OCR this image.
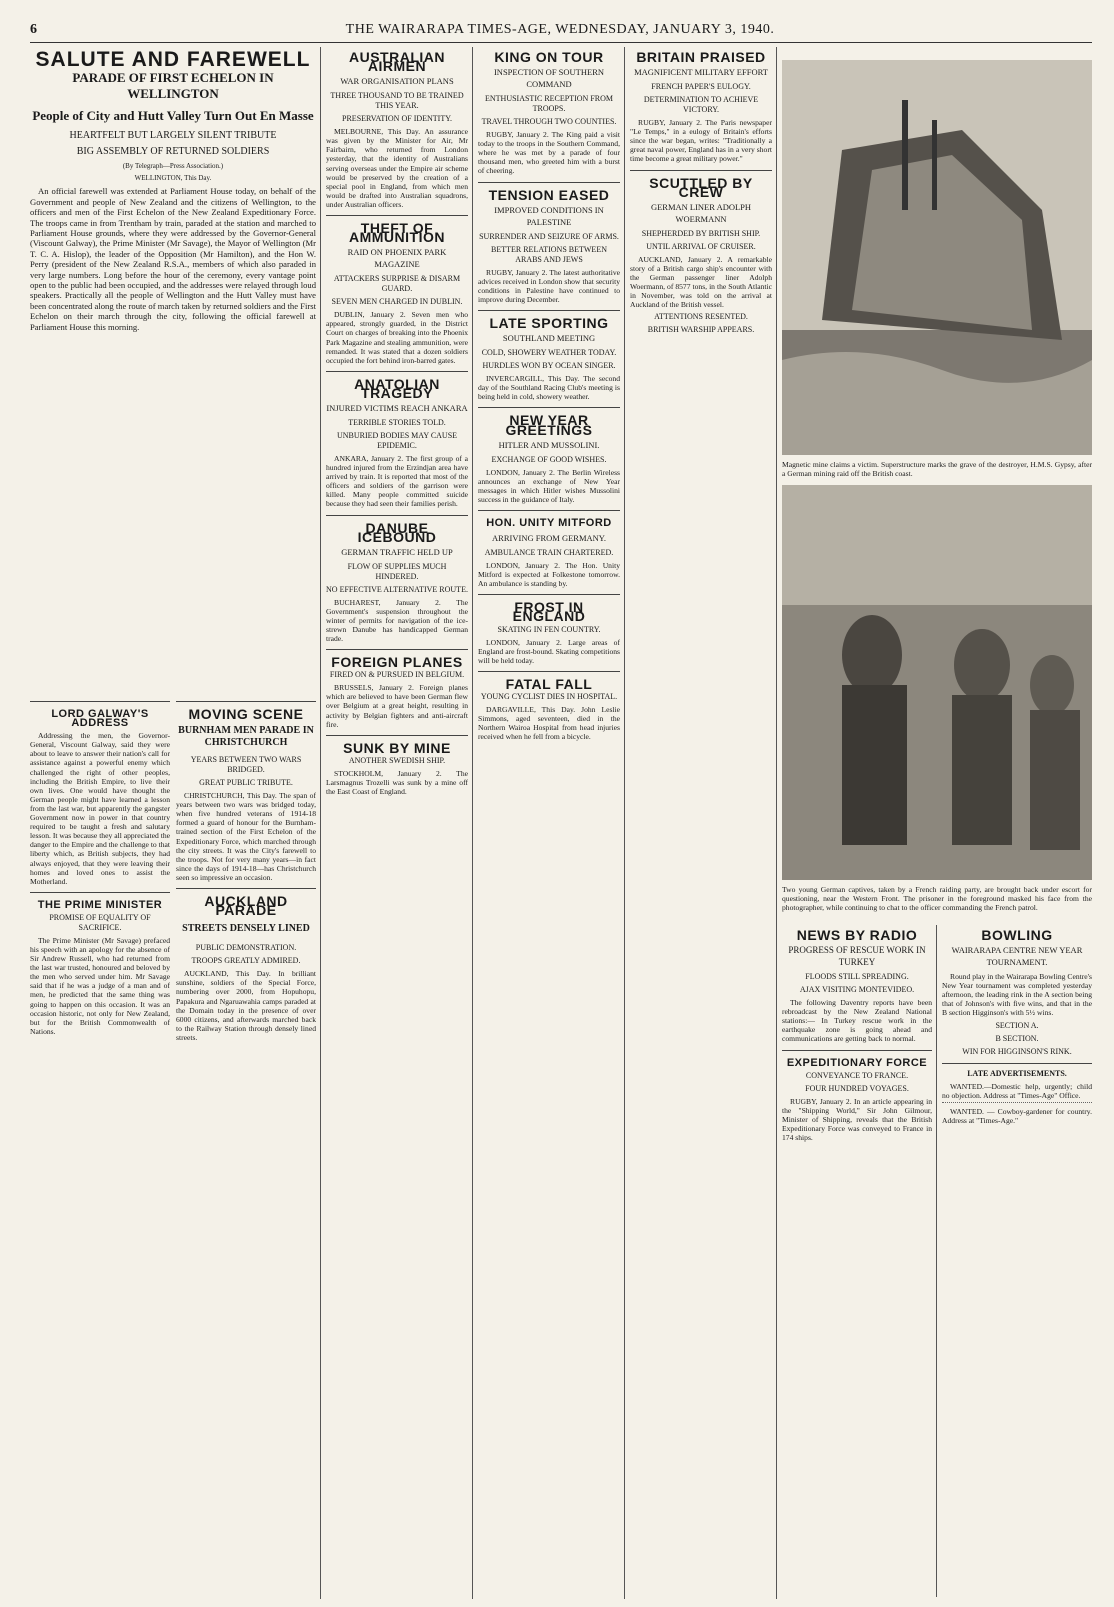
6	THE WAIRARAPA TIMES-AGE, WEDNESDAY, JANUARY 3, 1940.
SALUTE AND FAREWELL
PARADE OF FIRST ECHELON IN WELLINGTON
People of City and Hutt Valley Turn Out En Masse
HEARTFELT BUT LARGELY SILENT TRIBUTE
BIG ASSEMBLY OF RETURNED SOLDIERS
(By Telegraph—Press Association.)
WELLINGTON, This Day.

An official farewell was extended at Parliament House today, on behalf of the Government and people of New Zealand and the citizens of Wellington, to the officers and men of the First Echelon of the New Zealand Expeditionary Force. The troops came in from Trentham by train, paraded at the station and marched to Parliament House grounds, where they were addressed by the Governor-General (Viscount Galway), the Prime Minister (Mr Savage), the Mayor of Wellington (Mr T. C. A. Hislop), the leader of the Opposition (Mr Hamilton), and the Hon W. Perry (president of the New Zealand R.S.A., members of which also paraded in very large numbers. Long before the hour of the ceremony, every vantage point open to the public had been occupied, and the addresses were relayed through loud speakers. Practically all the people of Wellington and the Hutt Valley must have been concentrated along the route of march taken by returned soldiers and the First Echelon on their march through the city, following the official farewell at Parliament House this morning.

LORD GALWAY'S ADDRESS

Addressing the men, the Governor-General, Viscount Galway, said they were about to leave to answer their nation's call for assistance against a powerful enemy which challenged the right of other peoples, including the British Empire, to live their own lives. One would have thought the German people might have learned a lesson from the last war, but apparently the gangster Government now in power in that country required to be taught a fresh and salutary lesson. It was because they all appreciated the danger to the Empire and the challenge to that liberty which, as British subjects, they had always enjoyed, that they were leaving their homes and loved ones to assist the Motherland.

THE PRIME MINISTER
PROMISE OF EQUALITY OF SACRIFICE.

The Prime Minister (Mr Savage) prefaced his speech with an apology for the absence of Sir Andrew Russell, who had returned from the last war trusted, honoured and beloved by the men who served under him. Mr Savage said that if he was a judge of a man and of men, he predicted that the same thing was going to happen on this occasion. It was an occasion historic, not only for New Zealand, but for the British Commonwealth of Nations.

MOVING SCENE
BURNHAM MEN PARADE IN CHRISTCHURCH
YEARS BETWEEN TWO WARS BRIDGED.
GREAT PUBLIC TRIBUTE.

CHRISTCHURCH, This Day. The span of years between two wars was bridged today, when five hundred veterans of 1914-18 formed a guard of honour for the Burnham-trained section of the First Echelon of the Expeditionary Force, which marched through the city streets. It was the City's farewell to the troops. Not for very many years—in fact since the days of 1914-18—has Christchurch seen so impressive an occasion.

AUCKLAND PARADE
STREETS DENSELY LINED
PUBLIC DEMONSTRATION.
TROOPS GREATLY ADMIRED.

AUCKLAND, This Day. In brilliant sunshine, soldiers of the Special Force, numbering over 2000, from Hopuhopu, Papakura and Ngaruawahia camps paraded at the Domain today in the presence of over 6000 citizens, and afterwards marched back to the Railway Station through densely lined streets.

AUSTRALIAN AIRMEN
WAR ORGANISATION PLANS
THREE THOUSAND TO BE TRAINED THIS YEAR.
PRESERVATION OF IDENTITY.

MELBOURNE, This Day. An assurance was given by the Minister for Air, Mr Fairbairn, who returned from London yesterday, that the identity of Australians serving overseas under the Empire air scheme would be preserved by the creation of a special pool in England, from which men would be drafted into Australian squadrons, under Australian officers.

THEFT OF AMMUNITION
RAID ON PHOENIX PARK MAGAZINE
ATTACKERS SURPRISE & DISARM GUARD.
SEVEN MEN CHARGED IN DUBLIN.

DUBLIN, January 2. Seven men who appeared, strongly guarded, in the District Court on charges of breaking into the Phoenix Park Magazine and stealing ammunition, were remanded. It was stated that a dozen soldiers occupied the fort behind iron-barred gates.

ANATOLIAN TRAGEDY
INJURED VICTIMS REACH ANKARA
TERRIBLE STORIES TOLD.
UNBURIED BODIES MAY CAUSE EPIDEMIC.

ANKARA, January 2. The first group of a hundred injured from the Erzindjan area have arrived by train. It is reported that most of the officers and soldiers of the garrison were killed. Many people committed suicide because they had seen their families perish.

DANUBE ICEBOUND
GERMAN TRAFFIC HELD UP
FLOW OF SUPPLIES MUCH HINDERED.
NO EFFECTIVE ALTERNATIVE ROUTE.

BUCHAREST, January 2. The Government's suspension throughout the winter of permits for navigation of the ice-strewn Danube has handicapped German trade.

FOREIGN PLANES
FIRED ON & PURSUED IN BELGIUM.

BRUSSELS, January 2. Foreign planes which are believed to have been German flew over Belgium at a great height, resulting in activity by Belgian fighters and anti-aircraft fire.

SUNK BY MINE
ANOTHER SWEDISH SHIP.

STOCKHOLM, January 2. The Larsmagnus Trozelli was sunk by a mine off the East Coast of England.

KING ON TOUR
INSPECTION OF SOUTHERN COMMAND
ENTHUSIASTIC RECEPTION FROM TROOPS.
TRAVEL THROUGH TWO COUNTIES.

RUGBY, January 2. The King paid a visit today to the troops in the Southern Command, where he was met by a parade of four thousand men, who greeted him with a burst of cheering.

TENSION EASED
IMPROVED CONDITIONS IN PALESTINE
SURRENDER AND SEIZURE OF ARMS.
BETTER RELATIONS BETWEEN ARABS AND JEWS

RUGBY, January 2. The latest authoritative advices received in London show that security conditions in Palestine have continued to improve during December.

LATE SPORTING
SOUTHLAND MEETING
COLD, SHOWERY WEATHER TODAY.
HURDLES WON BY OCEAN SINGER.

INVERCARGILL, This Day. The second day of the Southland Racing Club's meeting is being held in cold, showery weather.

NEW YEAR GREETINGS
HITLER AND MUSSOLINI.
EXCHANGE OF GOOD WISHES.

LONDON, January 2. The Berlin Wireless announces an exchange of New Year messages in which Hitler wishes Mussolini success in the guidance of Italy.

HON. UNITY MITFORD
ARRIVING FROM GERMANY.
AMBULANCE TRAIN CHARTERED.

LONDON, January 2. The Hon. Unity Mitford is expected at Folkestone tomorrow. An ambulance is standing by.

FROST IN ENGLAND
SKATING IN FEN COUNTRY.

LONDON, January 2. Large areas of England are frost-bound. Skating competitions will be held today.

FATAL FALL
YOUNG CYCLIST DIES IN HOSPITAL.

DARGAVILLE, This Day. John Leslie Simmons, aged seventeen, died in the Northern Wairoa Hospital from head injuries received when he fell from a bicycle.

BRITAIN PRAISED
MAGNIFICENT MILITARY EFFORT
FRENCH PAPER'S EULOGY.
DETERMINATION TO ACHIEVE VICTORY.

RUGBY, January 2. The Paris newspaper "Le Temps," in a eulogy of Britain's efforts since the war began, writes: "Traditionally a great naval power, England has in a very short time become a great military power."

SCUTTLED BY CREW
GERMAN LINER ADOLPH WOERMANN
SHEPHERDED BY BRITISH SHIP.
UNTIL ARRIVAL OF CRUISER.

AUCKLAND, January 2. A remarkable story of a British cargo ship's encounter with the German passenger liner Adolph Woermann, of 8577 tons, in the South Atlantic in November, was told on the arrival at Auckland of the British vessel.

ATTENTIONS RESENTED.
BRITISH WARSHIP APPEARS.
Magnetic mine claims a victim. Superstructure marks the grave of the destroyer, H.M.S. Gypsy, after a German mining raid off the British coast.
Two young German captives, taken by a French raiding party, are brought back under escort for questioning, near the Western Front. The prisoner in the foreground masked his face from the photographer, while continuing to chat to the officer commanding the French patrol.
NEWS BY RADIO
PROGRESS OF RESCUE WORK IN TURKEY
FLOODS STILL SPREADING.
AJAX VISITING MONTEVIDEO.

The following Daventry reports have been rebroadcast by the New Zealand National stations:— In Turkey rescue work in the earthquake zone is going ahead and communications are getting back to normal.

EXPEDITIONARY FORCE
CONVEYANCE TO FRANCE.
FOUR HUNDRED VOYAGES.

RUGBY, January 2. In an article appearing in the "Shipping World," Sir John Gilmour, Minister of Shipping, reveals that the British Expeditionary Force was conveyed to France in 174 ships.

BOWLING
WAIRARAPA CENTRE NEW YEAR TOURNAMENT.

Round play in the Wairarapa Bowling Centre's New Year tournament was completed yesterday afternoon, the leading rink in the A section being that of Johnson's with five wins, and that in the B section Higginson's with 5½ wins.

SECTION A.
B SECTION.
WIN FOR HIGGINSON'S RINK.
LATE ADVERTISEMENTS.

WANTED.—Domestic help, urgently; child no objection. Address at "Times-Age" Office.

WANTED. — Cowboy-gardener for country. Address at "Times-Age."
